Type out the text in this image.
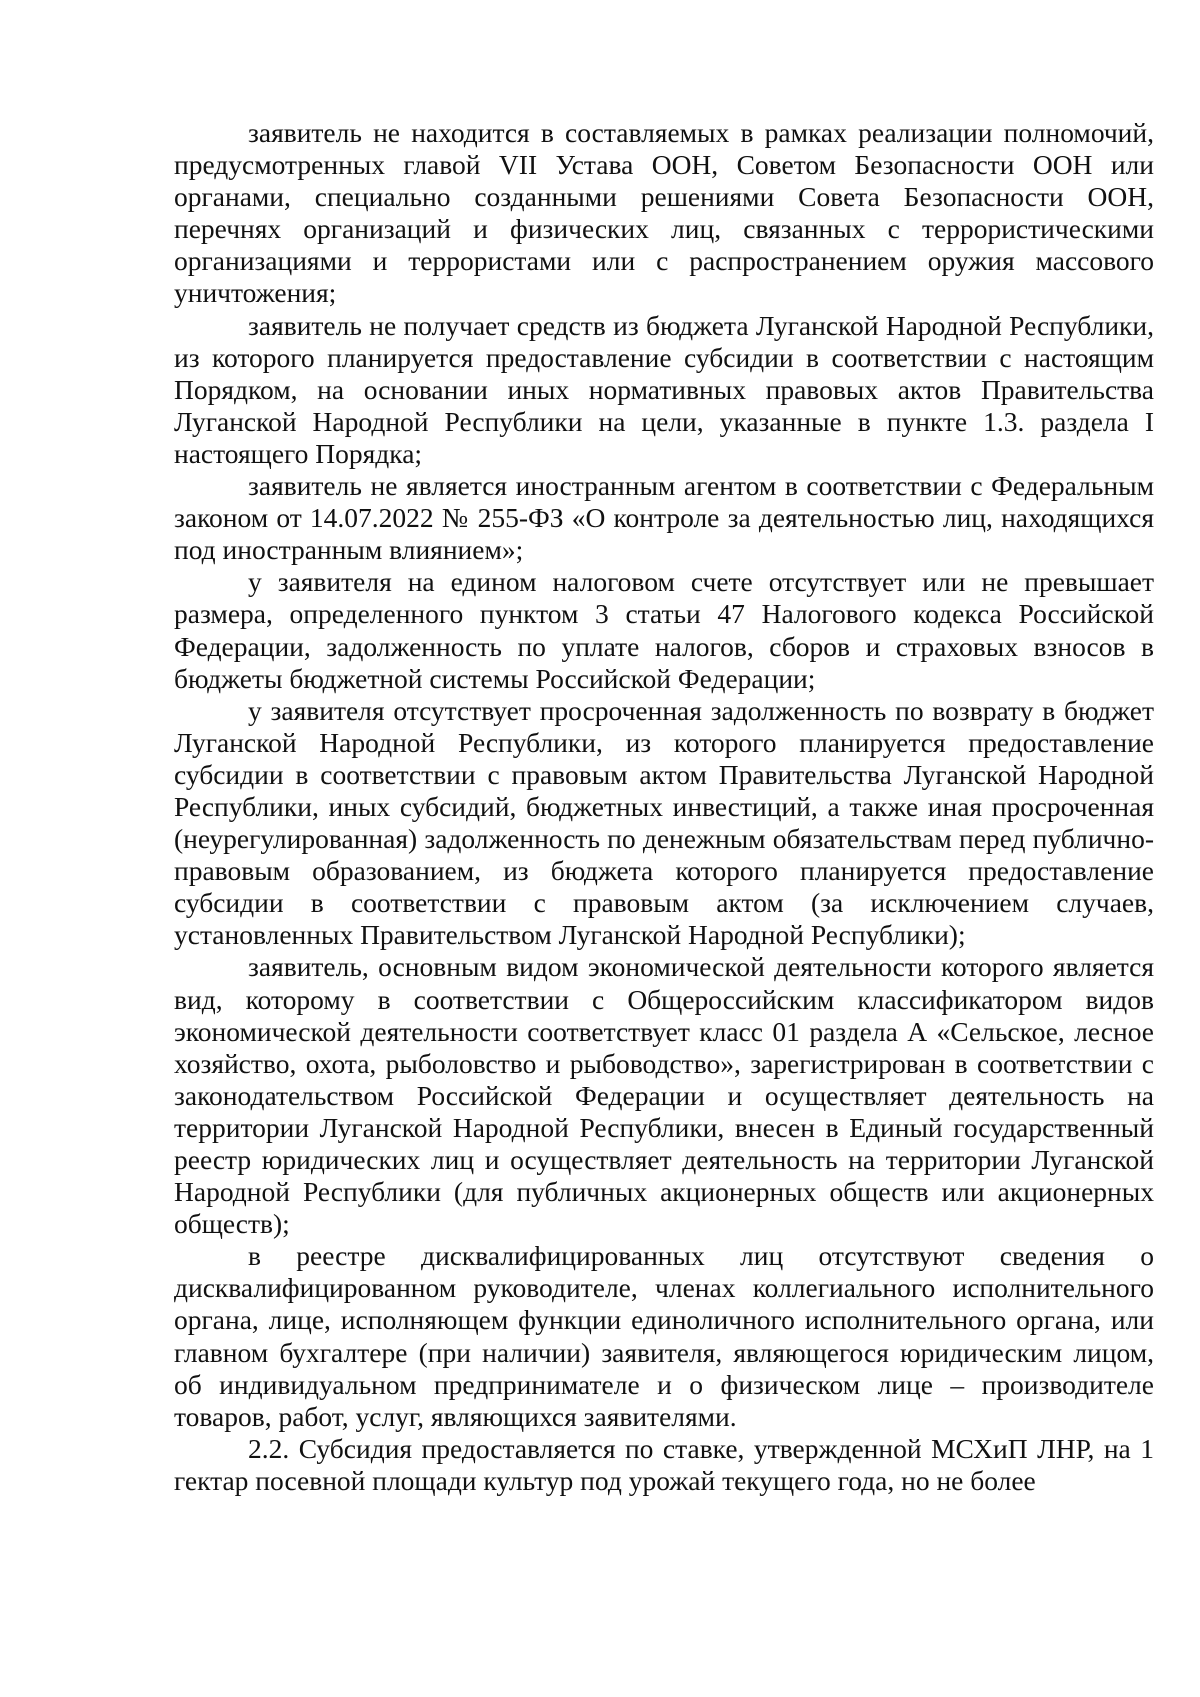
заявитель не находится в составляемых в рамках реализации полномочий, предусмотренных главой VII Устава ООН, Советом Безопасности ООН или органами, специально созданными решениями Совета Безопасности ООН, перечнях организаций и физических лиц, связанных с террористическими организациями и террористами или с распространением оружия массового уничтожения;

заявитель не получает средств из бюджета Луганской Народной Республики, из которого планируется предоставление субсидии в соответствии с настоящим Порядком, на основании иных нормативных правовых актов Правительства Луганской Народной Республики на цели, указанные в пункте 1.3. раздела I настоящего Порядка;

заявитель не является иностранным агентом в соответствии с Федеральным законом от 14.07.2022 № 255-ФЗ «О контроле за деятельностью лиц, находящихся под иностранным влиянием»;

у заявителя на едином налоговом счете отсутствует или не превышает размера, определенного пунктом 3 статьи 47 Налогового кодекса Российской Федерации, задолженность по уплате налогов, сборов и страховых взносов в бюджеты бюджетной системы Российской Федерации;

у заявителя отсутствует просроченная задолженность по возврату в бюджет Луганской Народной Республики, из которого планируется предоставление субсидии в соответствии с правовым актом Правительства Луганской Народной Республики, иных субсидий, бюджетных инвестиций, а также иная просроченная (неурегулированная) задолженность по денежным обязательствам перед публично-правовым образованием, из бюджета которого планируется предоставление субсидии в соответствии с правовым актом (за исключением случаев, установленных Правительством Луганской Народной Республики);

заявитель, основным видом экономической деятельности которого является вид, которому в соответствии с Общероссийским классификатором видов экономической деятельности соответствует класс 01 раздела А «Сельское, лесное хозяйство, охота, рыболовство и рыбоводство», зарегистрирован в соответствии с законодательством Российской Федерации и осуществляет деятельность на территории Луганской Народной Республики, внесен в Единый государственный реестр юридических лиц и осуществляет деятельность на территории Луганской Народной Республики (для публичных акционерных обществ или акционерных обществ);

в реестре дисквалифицированных лиц отсутствуют сведения о дисквалифицированном руководителе, членах коллегиального исполнительного органа, лице, исполняющем функции единоличного исполнительного органа, или главном бухгалтере (при наличии) заявителя, являющегося юридическим лицом, об индивидуальном предпринимателе и о физическом лице – производителе товаров, работ, услуг, являющихся заявителями.

2.2. Субсидия предоставляется по ставке, утвержденной МСХиП ЛНР, на 1 гектар посевной площади культур под урожай текущего года, но не более
